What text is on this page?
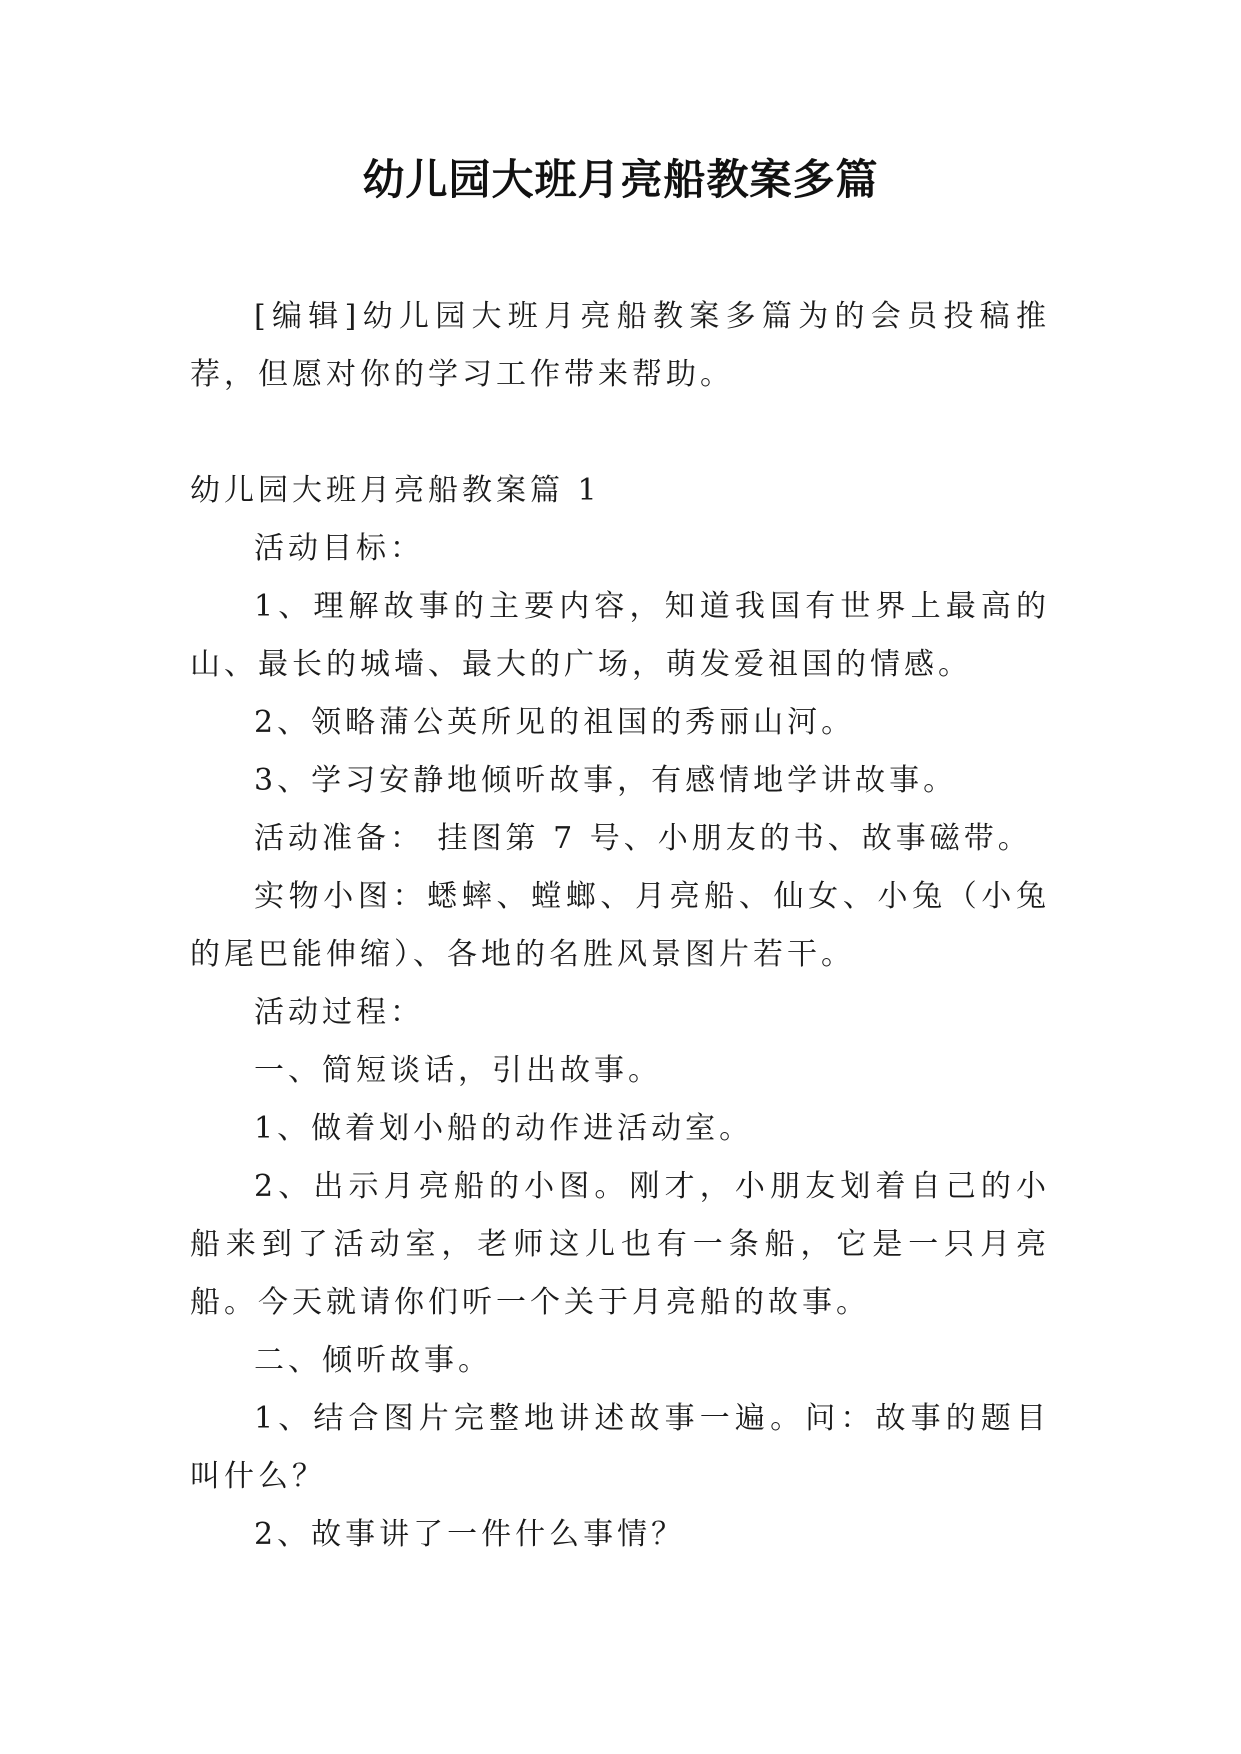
幼儿园大班月亮船教案多篇

[编辑]幼儿园大班月亮船教案多篇为的会员投稿推荐，但愿对你的学习工作带来帮助。

幼儿园大班月亮船教案篇 1

活动目标：

1、理解故事的主要内容，知道我国有世界上最高的山、最长的城墙、最大的广场，萌发爱祖国的情感。

2、领略蒲公英所见的祖国的秀丽山河。

3、学习安静地倾听故事，有感情地学讲故事。

活动准备： 挂图第 7 号、小朋友的书、故事磁带。

实物小图：蟋蟀、螳螂、月亮船、仙女、小兔（小兔的尾巴能伸缩）、各地的名胜风景图片若干。

活动过程：

一、简短谈话，引出故事。

1、做着划小船的动作进活动室。

2、出示月亮船的小图。刚才，小朋友划着自己的小船来到了活动室，老师这儿也有一条船，它是一只月亮船。今天就请你们听一个关于月亮船的故事。

二、倾听故事。

1、结合图片完整地讲述故事一遍。问：故事的题目叫什么？

2、故事讲了一件什么事情？
